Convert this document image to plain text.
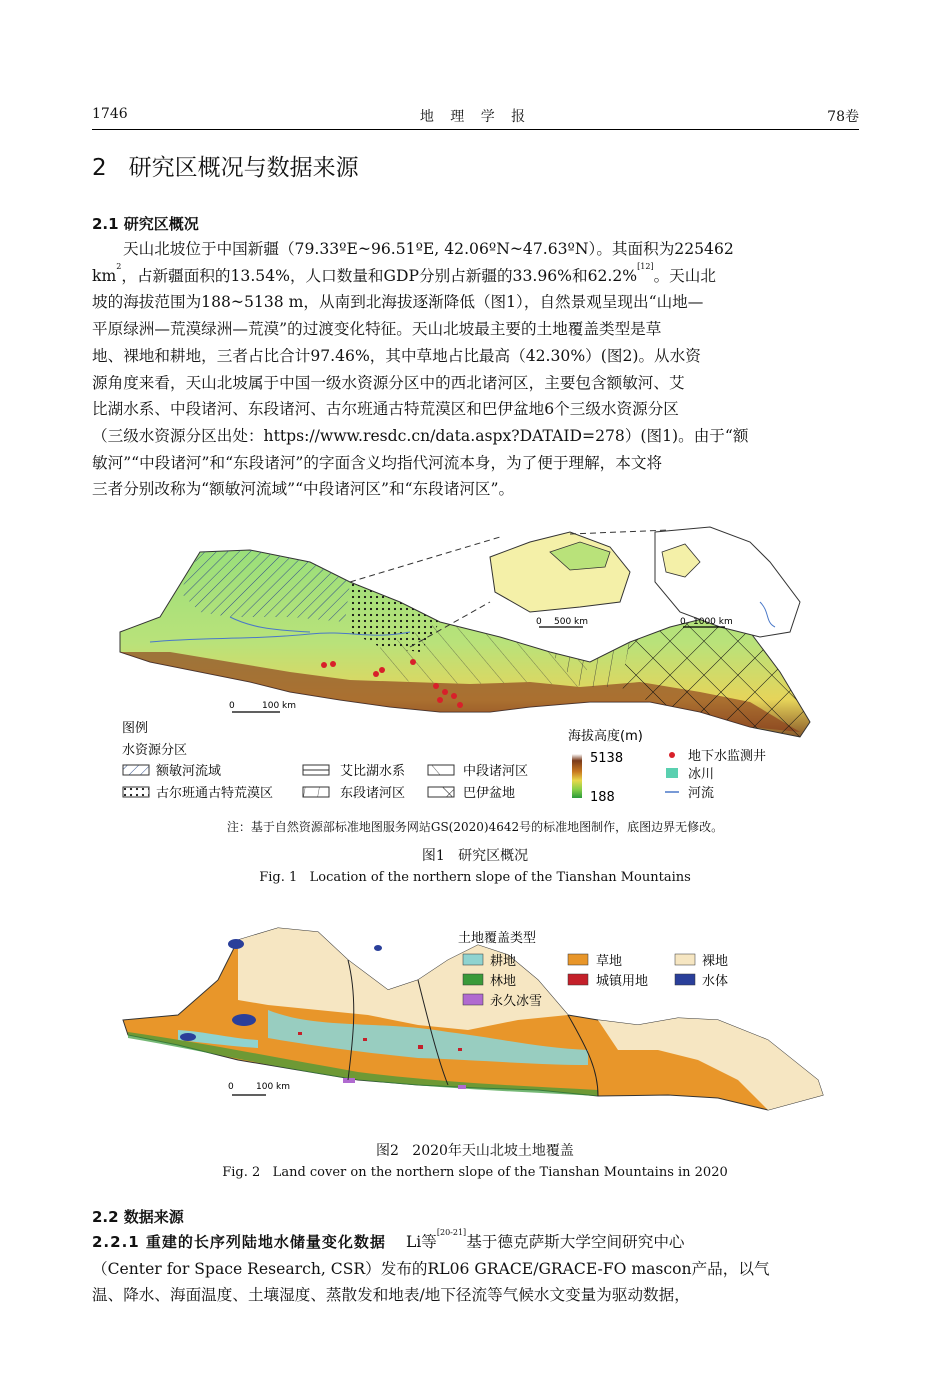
1746	地 理 学 报	78卷
2   研究区概况与数据来源
2.1 研究区概况
天山北坡位于中国新疆（79.33ºE~96.51ºE, 42.06ºN~47.63ºN）。其面积为225462
$km^2$，占新疆面积的13.54%，人口数量和GDP分别占新疆的33.96%和62.2%[12]。天山北
坡的海拔范围为188~5138 m，从南到北海拔逐渐降低（图1），自然景观呈现出“山地—
平原绿洲—荒漠绿洲—荒漠”的过渡变化特征。天山北坡最主要的土地覆盖类型是草
地、裸地和耕地，三者占比合计97.46%，其中草地占比最高（42.30%）(图2)。从水资
源角度来看，天山北坡属于中国一级水资源分区中的西北诸河区，主要包含额敏河、艾
比湖水系、中段诸河、东段诸河、古尔班通古特荒漠区和巴伊盆地6个三级水资源分区
（三级水资源分区出处：https://www.resdc.cn/data.aspx?DATAID=278）(图1)。由于“额
敏河”“中段诸河”和“东段诸河”的字面含义均指代河流本身，为了便于理解，本文将
三者分别改称为“额敏河流域”“中段诸河区”和“东段诸河区”。
0	100 km
0 500 km	0 1000 km
图例
水资源分区
额敏河流域	艾比湖水系	中段诸河区
古尔班通古特荒漠区	东段诸河区	巴伊盆地
海拔高度(m)
5138
188
地下水监测井
冰川
河流
注：基于自然资源部标准地图服务网站GS(2020)4642号的标准地图制作，底图边界无修改。
图1   研究区概况
Fig. 1   Location of the northern slope of the Tianshan Mountains
0 100 km
土地覆盖类型
耕地	草地	裸地
林地	城镇用地	水体
永久冰雪
图2   2020年天山北坡土地覆盖
Fig. 2   Land cover on the northern slope of the Tianshan Mountains in 2020
2.2 数据来源
2.2.1 重建的长序列陆地水储量变化数据 Li等[20-21]基于德克萨斯大学空间研究中心
（Center for Space Research, CSR）发布的RL06 GRACE/GRACE-FO mascon产品，以气
温、降水、海面温度、土壤湿度、蒸散发和地表/地下径流等气候水文变量为驱动数据，
